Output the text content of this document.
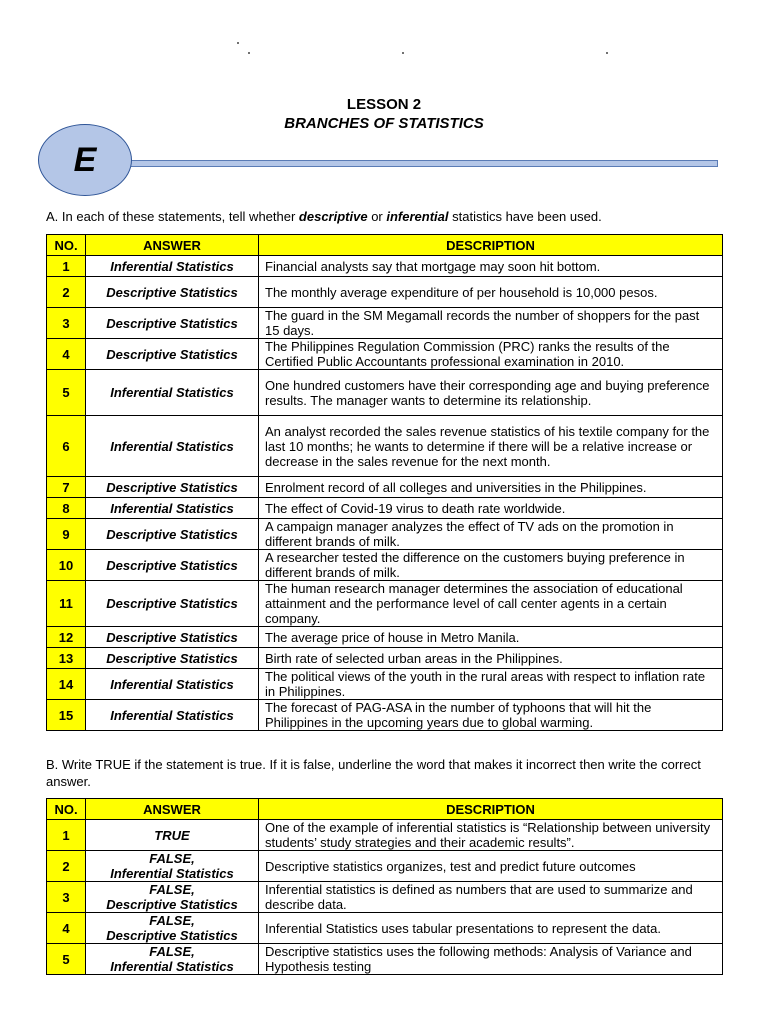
LESSON 2
BRANCHES OF STATISTICS
E
A. In each of these statements, tell whether descriptive or inferential statistics have been used.
NO.	ANSWER	DESCRIPTION
1	Inferential Statistics	Financial analysts say that mortgage may soon hit bottom.
2	Descriptive Statistics	The monthly average expenditure of per household is 10,000 pesos.
3	Descriptive Statistics	The guard in the SM Megamall records the number of shoppers for the past 15 days.
4	Descriptive Statistics	The Philippines Regulation Commission (PRC) ranks the results of the Certified Public Accountants professional examination in 2010.
5	Inferential Statistics	One hundred customers have their corresponding age and buying preference results. The manager wants to determine its relationship.
6	Inferential Statistics	An analyst recorded the sales revenue statistics of his textile company for the last 10 months; he wants to determine if there will be a relative increase or decrease in the sales revenue for the next month.
7	Descriptive Statistics	Enrolment record of all colleges and universities in the Philippines.
8	Inferential Statistics	The effect of Covid-19 virus to death rate worldwide.
9	Descriptive Statistics	A campaign manager analyzes the effect of TV ads on the promotion in different brands of milk.
10	Descriptive Statistics	A researcher tested the difference on the customers buying preference in different brands of milk.
11	Descriptive Statistics	The human research manager determines the association of educational attainment and the performance level of call center agents in a certain company.
12	Descriptive Statistics	The average price of house in Metro Manila.
13	Descriptive Statistics	Birth rate of selected urban areas in the Philippines.
14	Inferential Statistics	The political views of the youth in the rural areas with respect to inflation rate in Philippines.
15	Inferential Statistics	The forecast of PAG-ASA in the number of typhoons that will hit the Philippines in the upcoming years due to global warming.
B. Write TRUE if the statement is true. If it is false, underline the word that makes it incorrect then write the correct answer.
NO.	ANSWER	DESCRIPTION
1	TRUE	One of the example of inferential statistics is “Relationship between university students’ study strategies and their academic results”.
2	FALSE,
Inferential Statistics	Descriptive statistics organizes, test and predict future outcomes
3	FALSE,
Descriptive Statistics	Inferential statistics is defined as numbers that are used to summarize and describe data.
4	FALSE,
Descriptive Statistics	Inferential Statistics uses tabular presentations to represent the data.
5	FALSE,
Inferential Statistics	Descriptive statistics uses the following methods: Analysis of Variance and Hypothesis testing
